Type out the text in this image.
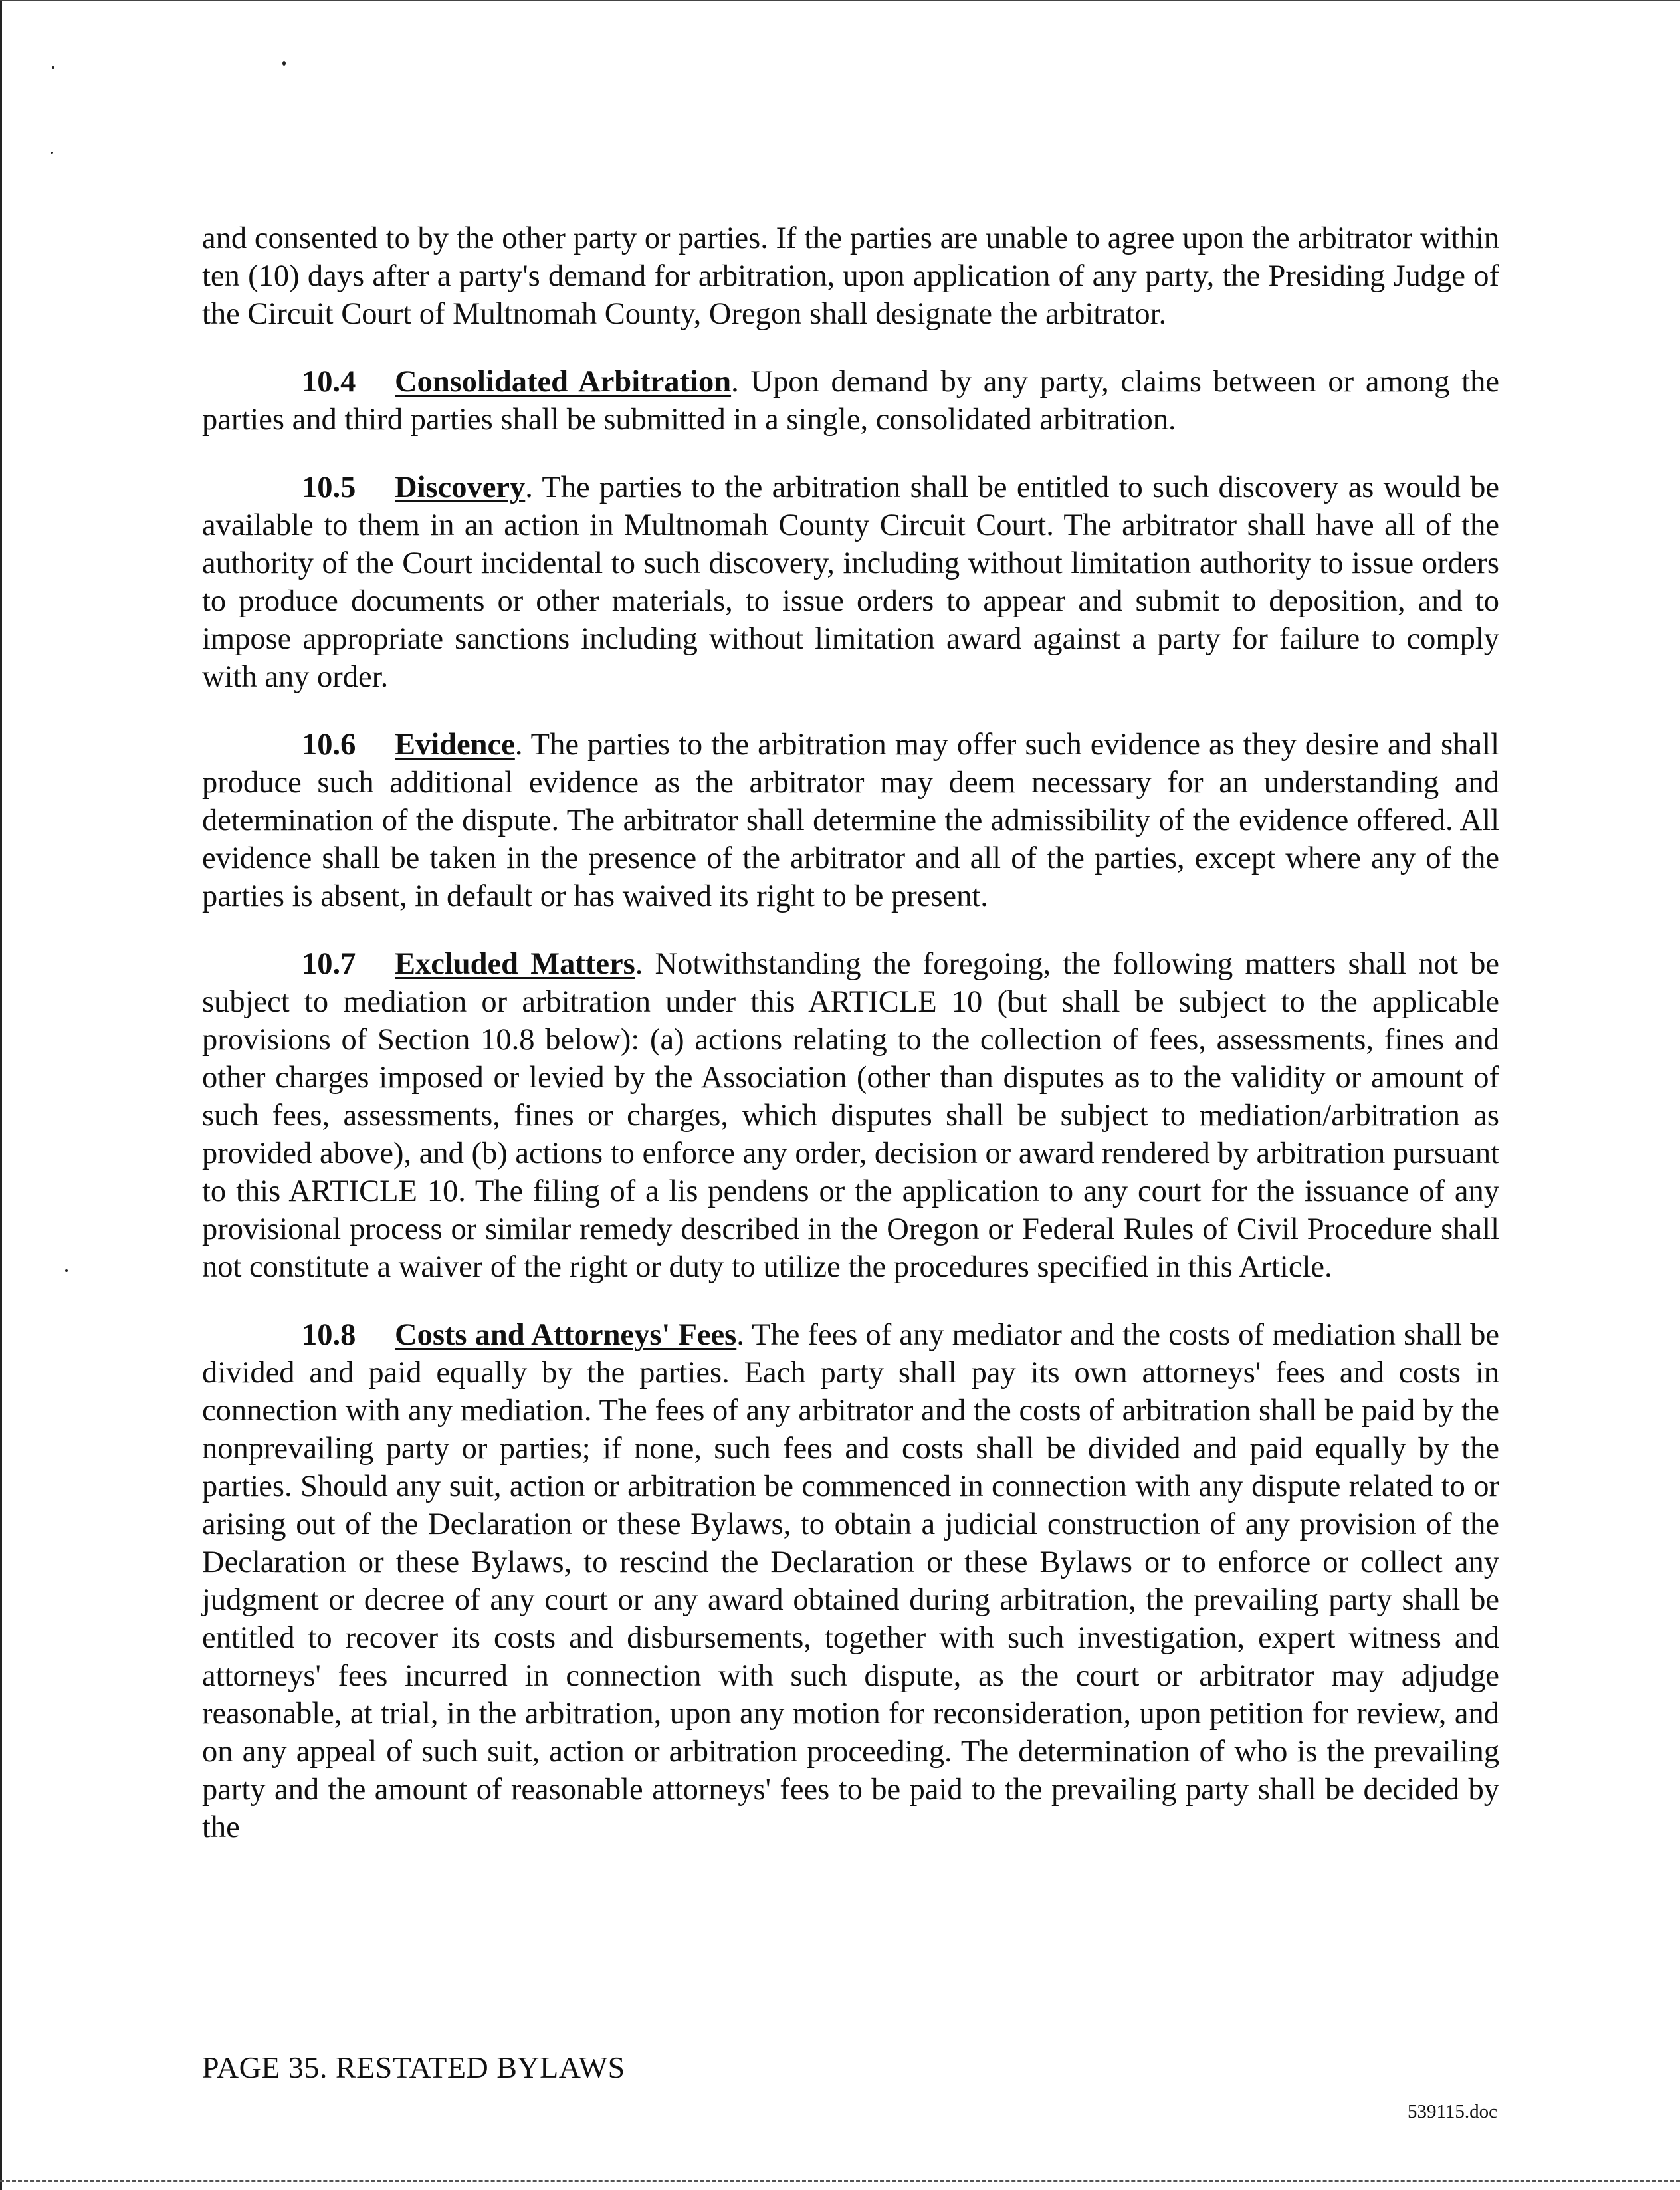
and consented to by the other party or parties. If the parties are unable to agree upon the arbitrator within ten (10) days after a party's demand for arbitration, upon application of any party, the Presiding Judge of the Circuit Court of Multnomah County, Oregon shall designate the arbitrator.

10.4 Consolidated Arbitration. Upon demand by any party, claims between or among the parties and third parties shall be submitted in a single, consolidated arbitration.

10.5 Discovery. The parties to the arbitration shall be entitled to such discovery as would be available to them in an action in Multnomah County Circuit Court. The arbitrator shall have all of the authority of the Court incidental to such discovery, including without limitation authority to issue orders to produce documents or other materials, to issue orders to appear and submit to deposition, and to impose appropriate sanctions including without limitation award against a party for failure to comply with any order.

10.6 Evidence. The parties to the arbitration may offer such evidence as they desire and shall produce such additional evidence as the arbitrator may deem necessary for an understanding and determination of the dispute. The arbitrator shall determine the admissibility of the evidence offered. All evidence shall be taken in the presence of the arbitrator and all of the parties, except where any of the parties is absent, in default or has waived its right to be present.

10.7 Excluded Matters. Notwithstanding the foregoing, the following matters shall not be subject to mediation or arbitration under this ARTICLE 10 (but shall be subject to the applicable provisions of Section 10.8 below): (a) actions relating to the collection of fees, assessments, fines and other charges imposed or levied by the Association (other than disputes as to the validity or amount of such fees, assessments, fines or charges, which disputes shall be subject to mediation/arbitration as provided above), and (b) actions to enforce any order, decision or award rendered by arbitration pursuant to this ARTICLE 10. The filing of a lis pendens or the application to any court for the issuance of any provisional process or similar remedy described in the Oregon or Federal Rules of Civil Procedure shall not constitute a waiver of the right or duty to utilize the procedures specified in this Article.

10.8 Costs and Attorneys' Fees. The fees of any mediator and the costs of mediation shall be divided and paid equally by the parties. Each party shall pay its own attorneys' fees and costs in connection with any mediation. The fees of any arbitrator and the costs of arbitration shall be paid by the nonprevailing party or parties; if none, such fees and costs shall be divided and paid equally by the parties. Should any suit, action or arbitration be commenced in connection with any dispute related to or arising out of the Declaration or these Bylaws, to obtain a judicial construction of any provision of the Declaration or these Bylaws, to rescind the Declaration or these Bylaws or to enforce or collect any judgment or decree of any court or any award obtained during arbitration, the prevailing party shall be entitled to recover its costs and disbursements, together with such investigation, expert witness and attorneys' fees incurred in connection with such dispute, as the court or arbitrator may adjudge reasonable, at trial, in the arbitration, upon any motion for reconsideration, upon petition for review, and on any appeal of such suit, action or arbitration proceeding. The determination of who is the prevailing party and the amount of reasonable attorneys' fees to be paid to the prevailing party shall be decided by the

PAGE 35. RESTATED BYLAWS
539115.doc
